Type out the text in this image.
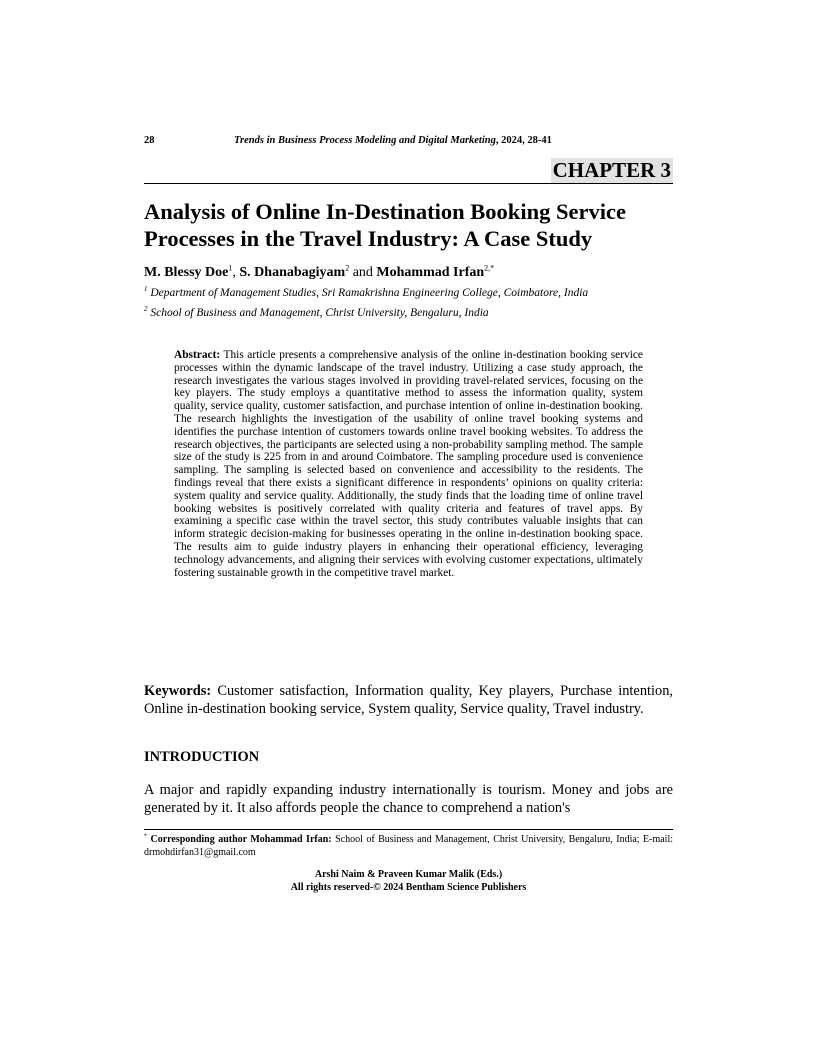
28	Trends in Business Process Modeling and Digital Marketing, 2024, 28-41
CHAPTER 3
Analysis of Online In-Destination Booking Service Processes in the Travel Industry: A Case Study
M. Blessy Doe$^1$, S. Dhanabagiyam$^2$ and Mohammad Irfan$^{2,*}$
$^1$ Department of Management Studies, Sri Ramakrishna Engineering College, Coimbatore, India
$^2$ School of Business and Management, Christ University, Bengaluru, India

Abstract: This article presents a comprehensive analysis of the online in-destination booking service processes within the dynamic landscape of the travel industry. Utilizing a case study approach, the research investigates the various stages involved in providing travel-related services, focusing on the key players. The study employs a quantitative method to assess the information quality, system quality, service quality, customer satisfaction, and purchase intention of online in-destination booking. The research highlights the investigation of the usability of online travel booking systems and identifies the purchase intention of customers towards online travel booking websites. To address the research objectives, the participants are selected using a non-probability sampling method. The sample size of the study is 225 from in and around Coimbatore. The sampling procedure used is convenience sampling. The sampling is selected based on convenience and accessibility to the residents. The findings reveal that there exists a significant difference in respondents’ opinions on quality criteria: system quality and service quality. Additionally, the study finds that the loading time of online travel booking websites is positively correlated with quality criteria and features of travel apps. By examining a specific case within the travel sector, this study contributes valuable insights that can inform strategic decision-making for businesses operating in the online in-destination booking space. The results aim to guide industry players in enhancing their operational efficiency, leveraging technology advancements, and aligning their services with evolving customer expectations, ultimately fostering sustainable growth in the competitive travel market.

Keywords: Customer satisfaction, Information quality, Key players, Purchase intention, Online in-destination booking service, System quality, Service quality, Travel industry.

INTRODUCTION

A major and rapidly expanding industry internationally is tourism. Money and jobs are generated by it. It also affords people the chance to comprehend a nation's

* Corresponding author Mohammad Irfan: School of Business and Management, Christ University, Bengaluru, India; E-mail: drmohdirfan31@gmail.com

Arshi Naim & Praveen Kumar Malik (Eds.)
All rights reserved-© 2024 Bentham Science Publishers
